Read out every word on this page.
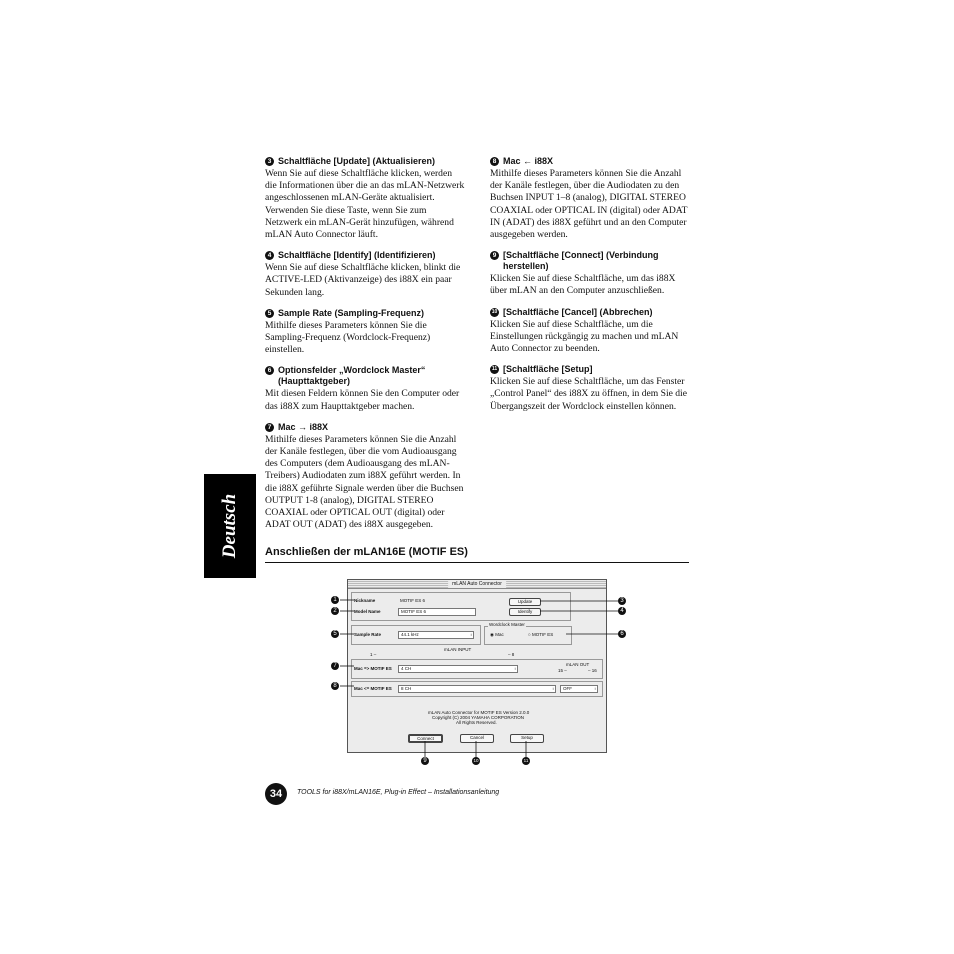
3 Schaltfläche [Update] (Aktualisieren)
Wenn Sie auf diese Schaltfläche klicken, werden die Informationen über die an das mLAN-Netzwerk angeschlossenen mLAN-Geräte aktualisiert. Verwenden Sie diese Taste, wenn Sie zum Netzwerk ein mLAN-Gerät hinzufügen, während mLAN Auto Connector läuft.
4 Schaltfläche [Identify] (Identifizieren)
Wenn Sie auf diese Schaltfläche klicken, blinkt die ACTIVE-LED (Aktivanzeige) des i88X ein paar Sekunden lang.
5 Sample Rate (Sampling-Frequenz)
Mithilfe dieses Parameters können Sie die Sampling-Frequenz (Wordclock-Frequenz) einstellen.
6 Optionsfelder „Wordclock Master“ (Haupttaktgeber)
Mit diesen Feldern können Sie den Computer oder das i88X zum Haupttaktgeber machen.
7 Mac → i88X
Mithilfe dieses Parameters können Sie die Anzahl der Kanäle festlegen, über die vom Audioausgang des Computers (dem Audioausgang des mLAN-Treibers) Audiodaten zum i88X geführt werden. In die i88X geführte Signale werden über die Buchsen OUTPUT 1-8 (analog), DIGITAL STEREO COAXIAL oder OPTICAL OUT (digital) oder ADAT OUT (ADAT) des i88X ausgegeben.
8 Mac ← i88X
Mithilfe dieses Parameters können Sie die Anzahl der Kanäle festlegen, über die Audiodaten zu den Buchsen INPUT 1–8 (analog), DIGITAL STEREO COAXIAL oder OPTICAL IN (digital) oder ADAT IN (ADAT) des i88X geführt und an den Computer ausgegeben werden.
9 [Schaltfläche [Connect] (Verbindung herstellen)
Klicken Sie auf diese Schaltfläche, um das i88X über mLAN an den Computer anzuschließen.
10 [Schaltfläche [Cancel] (Abbrechen)
Klicken Sie auf diese Schaltfläche, um die Einstellungen rückgängig zu machen und mLAN Auto Connector zu beenden.
11 [Schaltfläche [Setup]
Klicken Sie auf diese Schaltfläche, um das Fenster „Control Panel“ des i88X zu öffnen, in dem Sie die Übergangszeit der Wordclock einstellen können.
Deutsch Anschließen der mLAN16E (MOTIF ES)
mLAN Auto Connector
Nickname	MOTIF ES 6	Update
Model Name	MOTIF ES 6	Identify
Sample Rate	44.1 kHz ↕
Wordclock Master
◉ Mac	○ MOTIF ES
mLAN INPUT
1 –	– 8
Mac => MOTIF ES	4 CH ↕
mLAN OUT
15 –	– 16
Mac <= MOTIF ES	8 CH ↕	OFF ↕
mLAN Auto Connector for MOTIF ES Version 2.0.0
Copyright (C) 2004 YAMAHA CORPORATION
All Rights Reserved.
Connect	Cancel	Setup
1
2
3
4
5	6
7
8
9	10	11
34	TOOLS for i88X/mLAN16E, Plug-in Effect – Installationsanleitung
